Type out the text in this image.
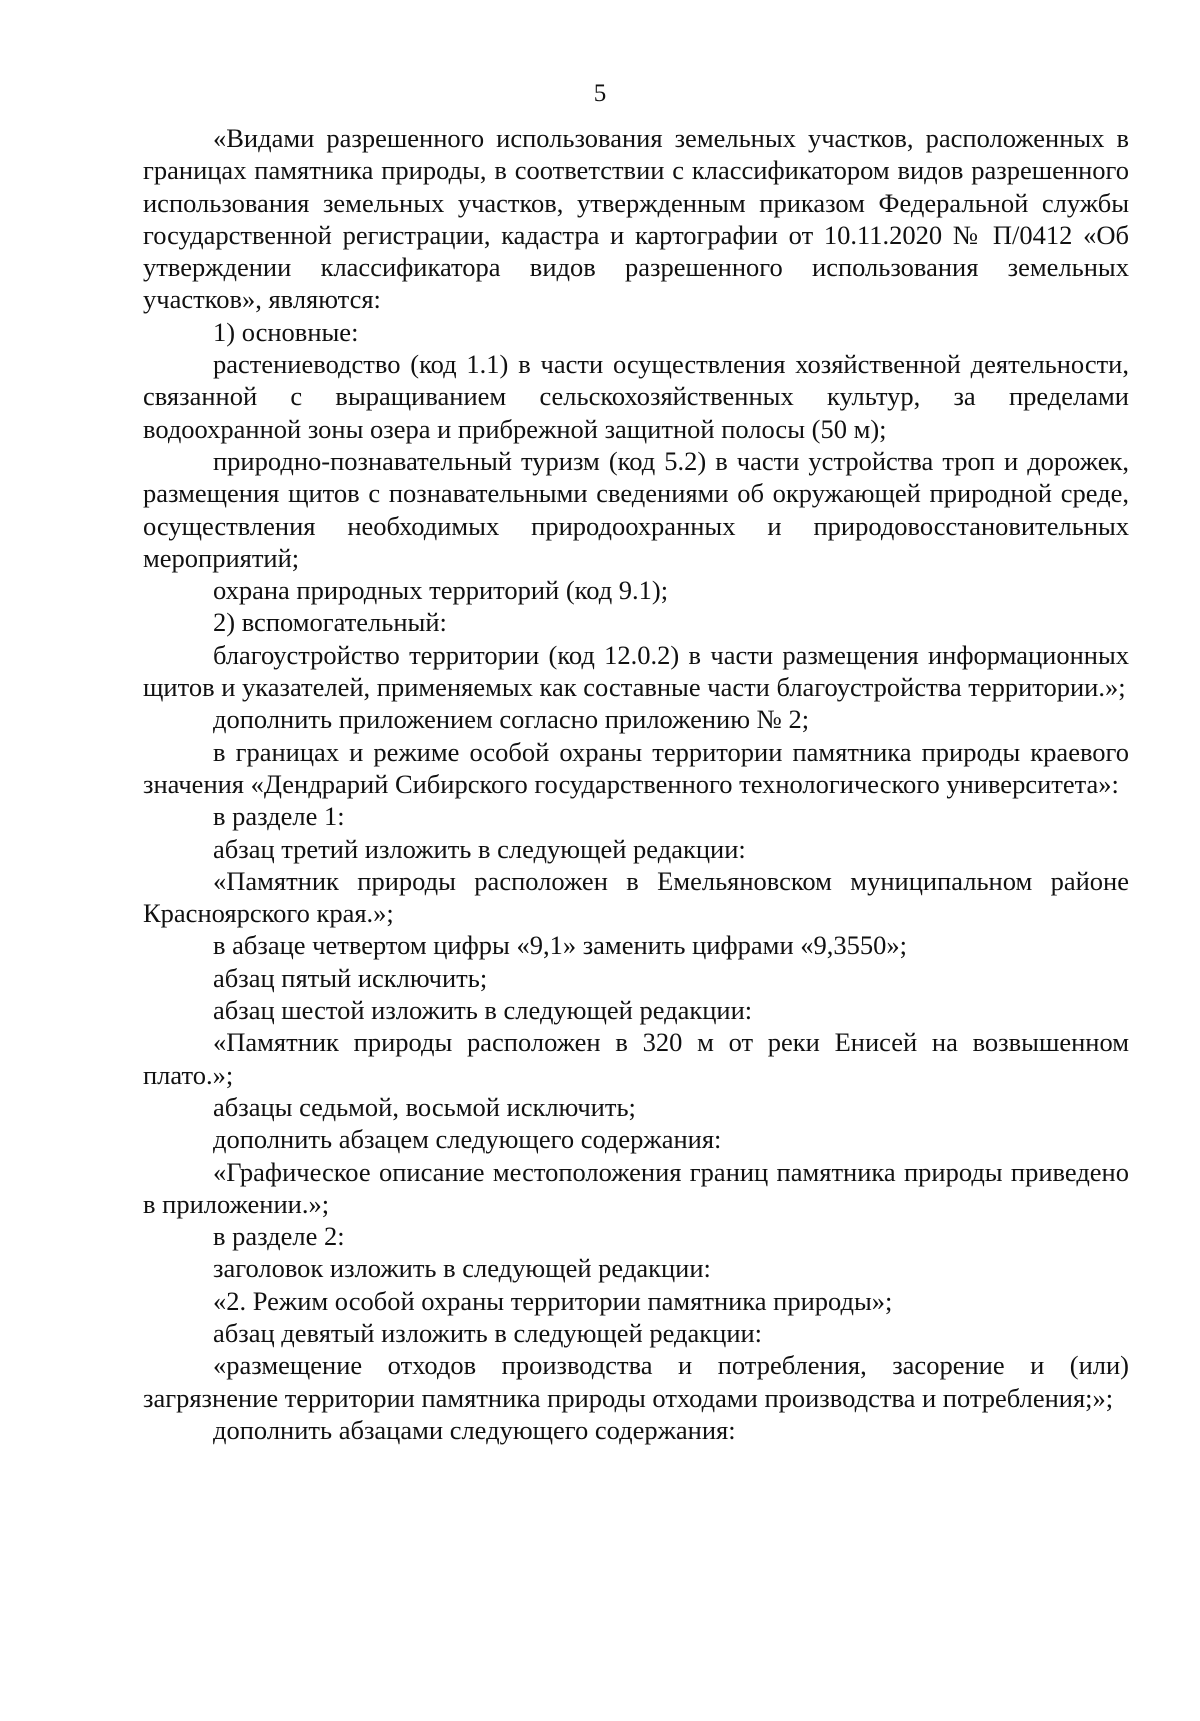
5

«Видами разрешенного использования земельных участков, расположенных в границах памятника природы, в соответствии с классификатором видов разрешенного использования земельных участков, утвержденным приказом Федеральной службы государственной регистрации, кадастра и картографии от 10.11.2020 № П/0412 «Об утверждении классификатора видов разрешенного использования земельных участков», являются:

1) основные:

растениеводство (код 1.1) в части осуществления хозяйственной деятельности, связанной с выращиванием сельскохозяйственных культур, за пределами водоохранной зоны озера и прибрежной защитной полосы (50 м);

природно-познавательный туризм (код 5.2) в части устройства троп и дорожек, размещения щитов с познавательными сведениями об окружающей природной среде, осуществления необходимых природоохранных и природовосстановительных мероприятий;

охрана природных территорий (код 9.1);

2) вспомогательный:

благоустройство территории (код 12.0.2) в части размещения информационных щитов и указателей, применяемых как составные части благоустройства территории.»;

дополнить приложением согласно приложению № 2;

в границах и режиме особой охраны территории памятника природы краевого значения «Дендрарий Сибирского государственного технологического университета»:

в разделе 1:

абзац третий изложить в следующей редакции:

«Памятник природы расположен в Емельяновском муниципальном районе Красноярского края.»;

в абзаце четвертом цифры «9,1» заменить цифрами «9,3550»;

абзац пятый исключить;

абзац шестой изложить в следующей редакции:

«Памятник природы расположен в 320 м от реки Енисей на возвышенном плато.»;

абзацы седьмой, восьмой исключить;

дополнить абзацем следующего содержания:

«Графическое описание местоположения границ памятника природы приведено в приложении.»;

в разделе 2:

заголовок изложить в следующей редакции:

«2. Режим особой охраны территории памятника природы»;

абзац девятый изложить в следующей редакции:

«размещение отходов производства и потребления, засорение и (или) загрязнение территории памятника природы отходами производства и потребления;»;

дополнить абзацами следующего содержания:
